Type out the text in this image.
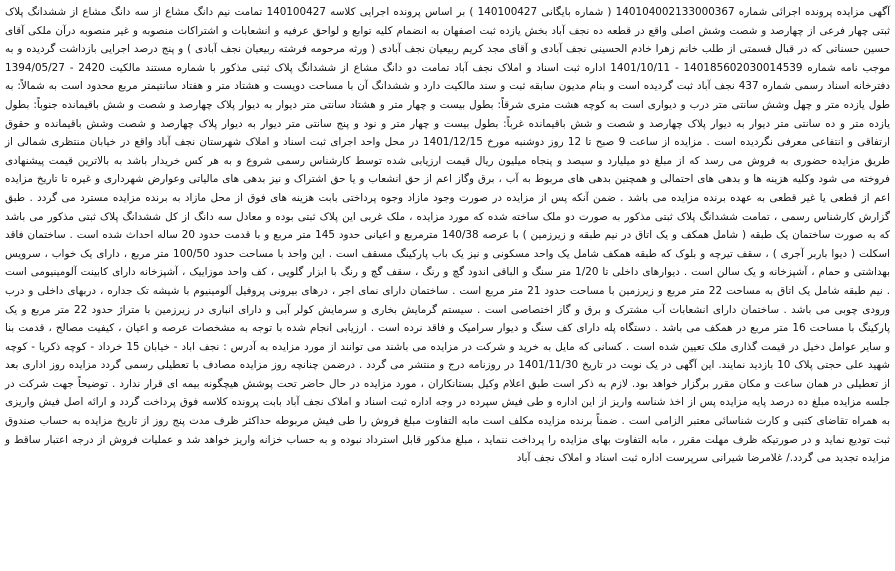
آگهی مزایده پرونده اجرائی شماره 140104002133000367 ( شماره بایگانی 140100427 ) بر اساس پرونده اجرایی کلاسه 140100427 تمامت نیم دانگ مشاع از سه دانگ مشاع از ششدانگ پلاک ثبتی چهار فرعی از چهارصد و شصت وشش اصلی واقع در قطعه ده نجف آباد بخش یازده ثبت اصفهان به انضمام کلیه توابع و لواحق عرفیه و انشعابات و اشتراکات منصوبه و غیر منصوبه درآن ملکی آقای حسین حسناتی که در قبال قسمتی از طلب خانم زهرا خادم الحسینی نجف آبادی و آقای مجد کریم ربیعیان نجف آبادی ( ورثه مرحومه فرشته ربیعیان نجف آبادی ) و پنج درصد اجرایی بازداشت گردیده و به موجب نامه شماره 140185602030014539 - 1401/10/11 اداره ثبت اسناد و املاک نجف آباد تمامت دو دانگ مشاع از ششدانگ پلاک ثبتی مذکور با شماره مستند مالکیت 2420 - 1394/05/27 دفترخانه اسناد رسمی شماره 437 نجف آباد ثبت گردیده است و بنام مدیون سابقه ثبت و سند مالکیت دارد و ششدانگ آن با مساحت دویست و هشتاد متر و هفتاد سانتیمتر مربع محدود است به شمالاً: به طول یازده متر و چهل وشش سانتی متر درب و دیواری است به کوچه هشت متری شرقاً: بطول بیست و چهار متر و هشتاد سانتی متر دیوار به دیوار پلاک چهارصد و شصت و شش باقیمانده جنوباً: بطول یازده متر و ده سانتی متر دیوار به دیوار پلاک چهارصد و شصت و شش باقیمانده غرباً: بطول بیست و چهار متر و نود و پنج سانتی متر دیوار به دیوار پلاک چهارصد و شصت وشش باقیمانده و حقوق ارتفاقی و انتفاعی معرفی نگردیده است . مزایده از ساعت 9 صبح تا 12 روز دوشنبه مورخ 1401/12/15 در محل واحد اجرای ثبت اسناد و املاک شهرستان نجف آباد واقع در خیابان منتظری شمالی از طریق مزایده حضوری به فروش می رسد که از مبلغ دو میلیارد و سیصد و پنجاه میلیون ریال قیمت ارزیابی شده توسط کارشناس رسمی شروع و به هر کس خریدار باشد به بالاترین قیمت پیشنهادی فروخته می شود وکلیه هزینه ها و بدهی های احتمالی و همچنین بدهی های مربوط به آب ، برق وگاز اعم از حق انشعاب و یا حق اشتراک و نیز بدهی های مالیاتی وعوارض شهرداری و غیره تا تاریخ مزایده اعم از قطعی یا غیر قطعی به عهده برنده مزایده می باشد . ضمن آنکه پس از مزایده در صورت وجود مازاد وجوه پرداختی بابت هزینه های فوق از محل مازاد به برنده مزایده مسترد می گردد . طبق گزارش کارشناس رسمی ، تمامت ششدانگ پلاک ثبتی مذکور به صورت دو ملک ساخته شده که مورد مزایده ، ملک غربی این پلاک ثبتی بوده و معادل سه دانگ از کل ششدانگ پلاک ثبتی مذکور می باشد که به صورت ساختمان یک طبقه ( شامل همکف و یک اتاق در نیم طبقه و زیرزمین ) با عرصه 140/38 مترمربع و اعیانی حدود 145 متر مربع و با قدمت حدود 20 ساله احداث شده است . ساختمان فاقد اسکلت ( دیوا باربر آجری ) ، سقف تیرچه و بلوک که طبقه همکف شامل یک واحد مسکونی و نیز یک باب پارکینگ مسقف است . این واحد با مساحت حدود 100/50 متر مربع ، دارای یک خواب ، سرویس بهداشتی و حمام ، آشپزخانه و یک سالن است . دیوارهای داخلی تا 1/20 متر سنگ و الباقی اندود گچ و رنگ ، سقف گچ و رنگ با ابزار گلویی ، کف واحد موزاییک ، آشپزخانه دارای کابینت آلومینیومی است . نیم طبقه شامل یک اتاق به مساحت 22 متر مربع و زیرزمین با مساحت حدود 21 متر مربع است . ساختمان دارای نمای اجر ، درهای بیرونی پروفیل آلومینیوم با شیشه تک جداره ، دربهای داخلی و درب ورودی چوبی می باشد . ساختمان دارای انشعابات آب مشترک و برق و گاز اختصاصی است . سیستم گرمایش بخاری و سرمایش کولر آبی و دارای انباری در زیرزمین با متراژ حدود 22 متر مربع و یک پارکینگ با مساحت 16 متر مربع در همکف می باشد . دستگاه پله دارای کف سنگ و دیوار سرامیک و فاقد نرده است . ارزیابی انجام شده با توجه به مشخصات عرصه و اعیان ، کیفیت مصالح ، قدمت بنا و سایر عوامل دخیل در قیمت گذاری ملک تعیین شده است . کسانی که مایل به خرید و شرکت در مزایده می باشند می توانند از مورد مزایده به آدرس : نجف اباد - خیابان 15 خرداد - کوچه ذکریا - کوچه شهید علی حجتی پلاک 10 بازدید نمایند. این آگهی در یک نوبت در تاریخ 1401/11/30 در روزنامه درج و منتشر می گردد . درضمن چنانچه روز مزایده مصادف با تعطیلی رسمی گردد مزایده روز اداری بعد از تعطیلی در همان ساعت و مکان مقرر برگزار خواهد بود. لازم به ذکر است طبق اعلام وکیل بستانکاران ، مورد مزایده در حال حاضر تحت پوشش هیچگونه بیمه ای قرار ندارد . توضیحاً جهت شرکت در جلسه مزایده مبلغ ده درصد پایه مزایده پس از اخذ شناسه واریز از این اداره و طی فیش سپرده در وجه اداره ثبت اسناد و املاک نجف آباد بابت پرونده کلاسه فوق پرداخت گردد و ارائه اصل فیش واریزی به همراه تقاضای کتبی و کارت شناسائی معتبر الزامی است . ضمناً برنده مزایده مکلف است مابه التفاوت مبلغ فروش را طی فیش مربوطه حداکثر ظرف مدت پنج روز از تاریخ مزایده به حساب صندوق ثبت تودیع نماید و در صورتیکه ظرف مهلت مقرر ، مابه التفاوت بهای مزایده را پرداخت ننماید ، مبلغ مذکور قابل استرداد نبوده و به حساب خزانه واریز خواهد شد و عملیات فروش از درجه اعتبار ساقط و مزایده تجدید می گردد./ غلامرضا شیرانی سرپرست اداره ثبت اسناد و املاک نجف آباد
